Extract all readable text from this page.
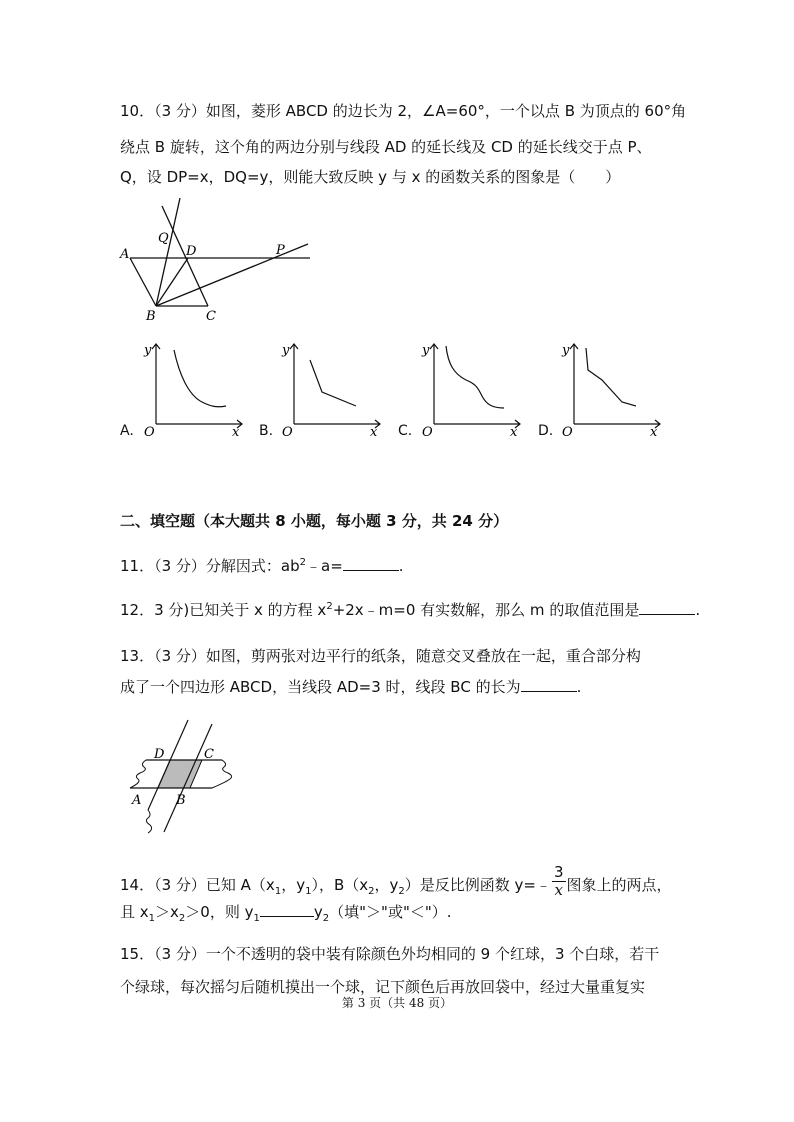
10．（3 分）如图，菱形 ABCD 的边长为 2，∠A=60°，一个以点 B 为顶点的 60°角
绕点 B 旋转，这个角的两边分别与线段 AD 的延长线及 CD 的延长线交于点 P、
Q，设 DP=x，DQ=y，则能大致反映 y 与 x 的函数关系的图象是（　　）
A
Q
D	P
B	C
A.	B.	C.	D.
y
O	x
y
O	x
y
O	x
y
O	x
二、填空题（本大题共 8 小题，每小题 3 分，共 24 分）
11．（3 分）分解因式：$ab^2﹣a=$	.
12．3 分)已知关于 x 的方程 $x^2+2x﹣m=0$ 有实数解，那么 m 的取值范围是	.
13．（3 分）如图，剪两张对边平行的纸条，随意交叉叠放在一起，重合部分构
成了一个四边形 ABCD，当线段 AD=3 时，线段 BC 的长为	.
D	C
A	B
14．（3 分）已知 $A(x_1$，$y_1$），$B(x_2$，$y_2$）是反比例函数 y=﹣ $\frac{3}{x}$ 图象上的两点，
且 $x_1>x_2>0$，则 $y_1$	$y_2$（填"＞"或"＜"）.
15．（3 分）一个不透明的袋中装有除颜色外均相同的 9 个红球，3 个白球，若干
个绿球，每次摇匀后随机摸出一个球，记下颜色后再放回袋中，经过大量重复实
第 3 页（共 48 页）
